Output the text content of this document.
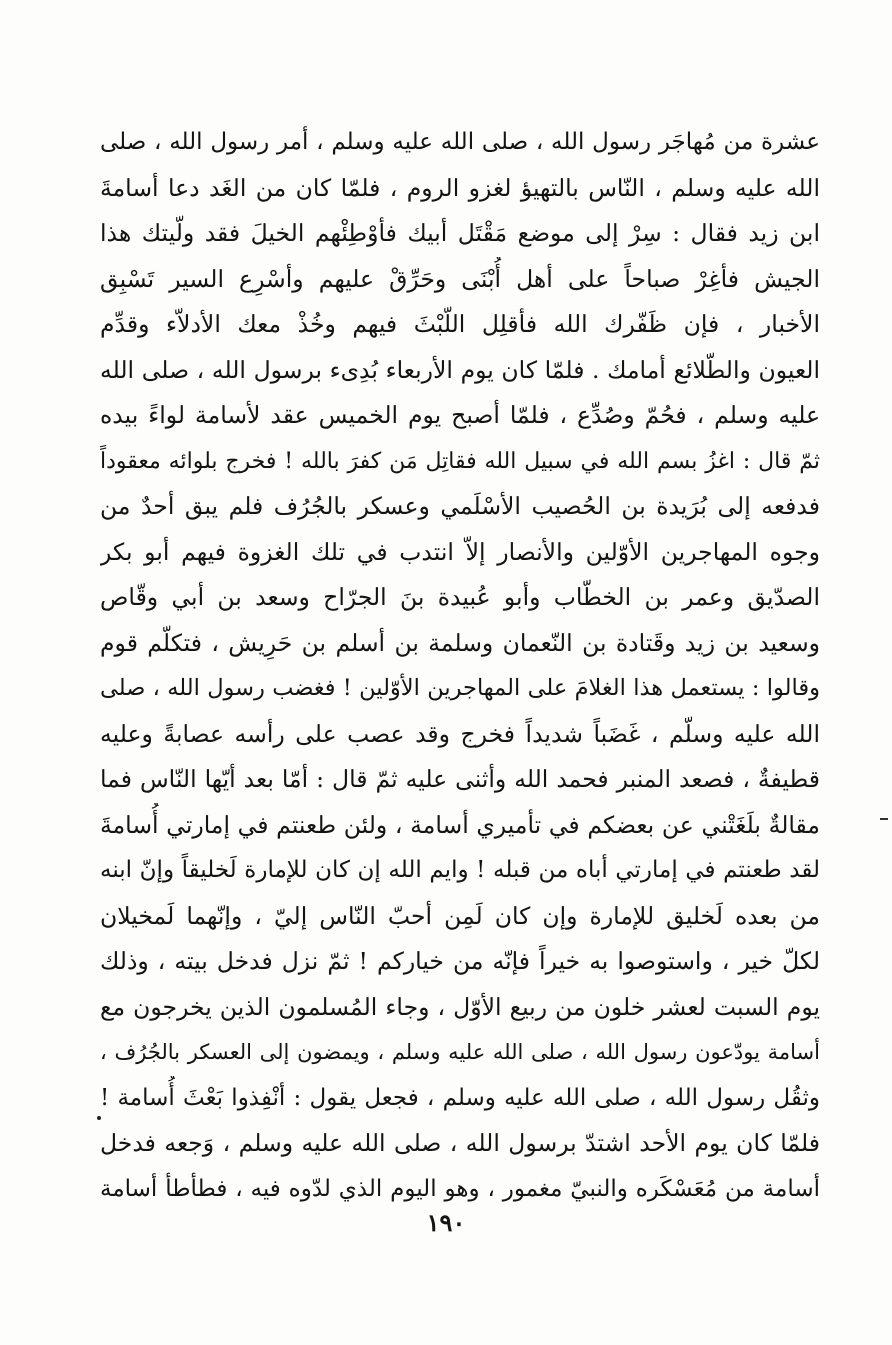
عشرة من مُهاجَر رسول الله ، صلى الله عليه وسلم ، أمر رسول الله ، صلى
الله عليه وسلم ، النّاس بالتهيؤ لغزو الروم ، فلمّا كان من الغَد دعا أسامةَ
ابن زيد فقال : سِرْ إلى موضع مَقْتَل أبيك فأوْطِئْهم الخيلَ فقد ولّيتك هذا
الجيش فأغِرْ صباحاً على أهل أُبْنَى وحَرِّقْ عليهم وأسْرِع السير تَسْبِق
الأخبار ، فإن ظَفّرك الله فأقلِل اللّبْثَ فيهم وخُذْ معك الأدلاّء وقدِّم
العيون والطّلائع أمامك . فلمّا كان يوم الأربعاء بُدِىء برسول الله ، صلى الله
عليه وسلم ، فحُمّ وصُدِّع ، فلمّا أصبح يوم الخميس عقد لأسامة لواءً بيده
ثمّ قال : اغزُ بسم الله في سبيل الله فقاتِل مَن كفرَ بالله ! فخرج بلوائه معقوداً
فدفعه إلى بُرَيدة بن الحُصيب الأسْلَمي وعسكر بالجُرُف فلم يبق أحدٌ من
وجوه المهاجرين الأوّلين والأنصار إلاّ انتدب في تلك الغزوة فيهم أبو بكر
الصدّيق وعمر بن الخطّاب وأبو عُبيدة بنَ الجرّاح وسعد بن أبي وقّاص
وسعيد بن زيد وقَتادة بن النّعمان وسلمة بن أسلم بن حَرِيش ، فتكلّم قوم
وقالوا : يستعمل هذا الغلامَ على المهاجرين الأوّلين ! فغضب رسول الله ، صلى
الله عليه وسلّم ، غَضَباً شديداً فخرج وقد عصب على رأسه عصابةً وعليه
قطيفةٌ ، فصعد المنبر فحمد الله وأثنى عليه ثمّ قال : أمّا بعد أيّها النّاس فما
مقالةٌ بلَغَتْني عن بعضكم في تأميري أسامة ، ولئن طعنتم في إمارتي أُسامةَ
لقد طعنتم في إمارتي أباه من قبله ! وايم الله إن كان للإمارة لَخليقاً وإنّ ابنه
من بعده لَخليق للإمارة وإن كان لَمِن أحبّ النّاس إليّ ، وإنّهما لَمخيلان
لكلّ خير ، واستوصوا به خيراً فإنّه من خياركم ! ثمّ نزل فدخل بيته ، وذلك
يوم السبت لعشر خلون من ربيع الأوّل ، وجاء المُسلمون الذين يخرجون مع
أسامة يودّعون رسول الله ، صلى الله عليه وسلم ، ويمضون إلى العسكر بالجُرُف ،
وثقُل رسول الله ، صلى الله عليه وسلم ، فجعل يقول : أنْفِذوا بَعْثَ أُسامة !
فلمّا كان يوم الأحد اشتدّ برسول الله ، صلى الله عليه وسلم ، وَجعه فدخل
أسامة من مُعَسْكَره والنبيّ مغمور ، وهو اليوم الذي لدّوه فيه ، فطأطأ أسامة
١٩٠
